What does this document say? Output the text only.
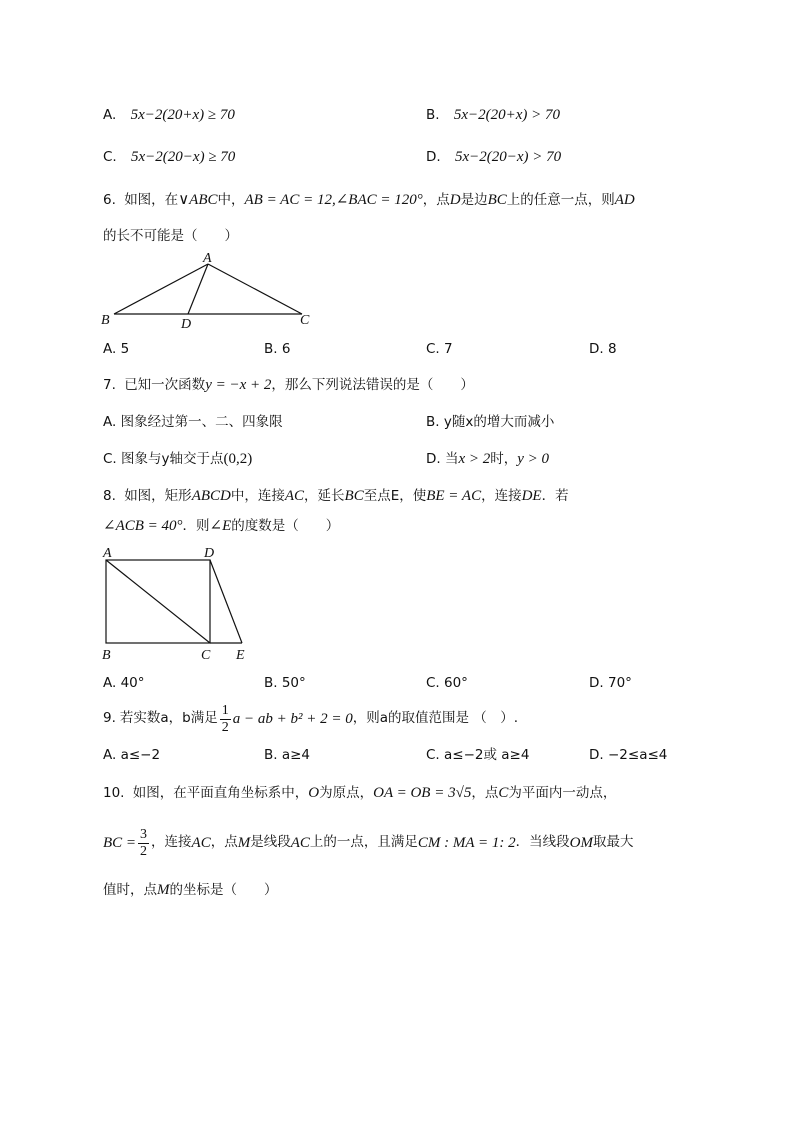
A. 5x−2(20+x) ≥ 70	B. 5x−2(20+x) > 70
C. 5x−2(20−x) ≥ 70	D. 5x−2(20−x) > 70
6. 如图，在∨ABC中，AB = AC = 12,∠BAC = 120°，点D是边BC上的任意一点，则AD
的长不可能是（　　）
A
B	C
D
A. 5	B. 6	C. 7	D. 8
7. 已知一次函数y = −x + 2，那么下列说法错误的是（　　）
A. 图象经过第一、二、四象限	B. y随x的增大而减小
C. 图象与y轴交于点(0,2)	D. 当x > 2时，y > 0
8. 如图，矩形ABCD中，连接AC，延长BC至点E，使BE = AC，连接DE．若
∠ACB = 40°．则∠E的度数是（　　）
A	D
B	C E
A. 40°	B. 50°	C. 60°	D. 70°
9. 若实数a，b满足 $\frac{1}{2}$ a − ab + b² + 2 = 0 ，则a的取值范围是 （　）.
A. a≤−2	B. a≥4	C. a≤−2或 a≥4	D. −2≤a≤4
10. 如图，在平面直角坐标系中，O为原点，OA = OB = 3√5，点C为平面内一动点，
BC = $\frac{3}{2}$ ，连接 AC ，点 M 是线段 AC 上的一点，且满足 CM : MA = 1: 2 ．当线段 OM 取最大
值时，点M的坐标是（　　）
